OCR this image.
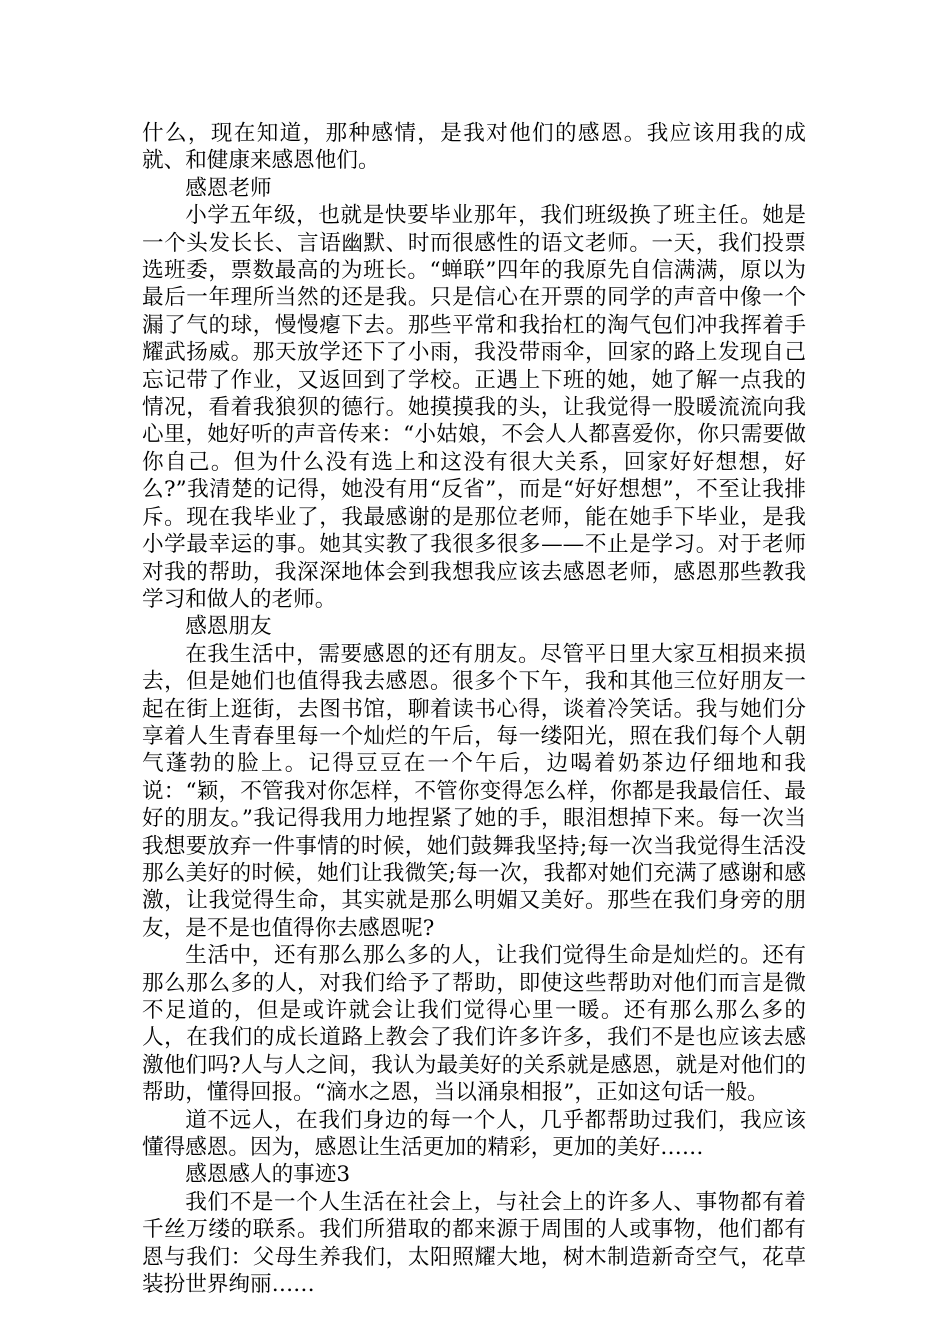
什么，现在知道，那种感情，是我对他们的感恩。我应该用我的成就、和健康来感恩他们。

感恩老师

小学五年级，也就是快要毕业那年，我们班级换了班主任。她是一个头发长长、言语幽默、时而很感性的语文老师。一天，我们投票选班委，票数最高的为班长。“蝉联”四年的我原先自信满满，原以为最后一年理所当然的还是我。只是信心在开票的同学的声音中像一个漏了气的球，慢慢瘪下去。那些平常和我抬杠的淘气包们冲我挥着手耀武扬威。那天放学还下了小雨，我没带雨伞，回家的路上发现自己忘记带了作业，又返回到了学校。正遇上下班的她，她了解一点我的情况，看着我狼狈的德行。她摸摸我的头，让我觉得一股暖流流向我心里，她好听的声音传来：“小姑娘，不会人人都喜爱你，你只需要做你自己。但为什么没有选上和这没有很大关系，回家好好想想，好么?”我清楚的记得，她没有用“反省”，而是“好好想想”，不至让我排斥。现在我毕业了，我最感谢的是那位老师，能在她手下毕业，是我小学最幸运的事。她其实教了我很多很多——不止是学习。对于老师对我的帮助，我深深地体会到我想我应该去感恩老师，感恩那些教我学习和做人的老师。

感恩朋友

在我生活中，需要感恩的还有朋友。尽管平日里大家互相损来损去，但是她们也值得我去感恩。很多个下午，我和其他三位好朋友一起在街上逛街，去图书馆，聊着读书心得，谈着冷笑话。我与她们分享着人生青春里每一个灿烂的午后，每一缕阳光，照在我们每个人朝气蓬勃的脸上。记得豆豆在一个午后，边喝着奶茶边仔细地和我说：“颖，不管我对你怎样，不管你变得怎么样，你都是我最信任、最好的朋友。”我记得我用力地捏紧了她的手，眼泪想掉下来。每一次当我想要放弃一件事情的时候，她们鼓舞我坚持;每一次当我觉得生活没那么美好的时候，她们让我微笑;每一次，我都对她们充满了感谢和感激，让我觉得生命，其实就是那么明媚又美好。那些在我们身旁的朋友，是不是也值得你去感恩呢?

生活中，还有那么那么多的人，让我们觉得生命是灿烂的。还有那么那么多的人，对我们给予了帮助，即使这些帮助对他们而言是微不足道的，但是或许就会让我们觉得心里一暖。还有那么那么多的人，在我们的成长道路上教会了我们许多许多，我们不是也应该去感激他们吗?人与人之间，我认为最美好的关系就是感恩，就是对他们的帮助，懂得回报。“滴水之恩，当以涌泉相报”，正如这句话一般。

道不远人，在我们身边的每一个人，几乎都帮助过我们，我应该懂得感恩。因为，感恩让生活更加的精彩，更加的美好……

感恩感人的事迹3

我们不是一个人生活在社会上，与社会上的许多人、事物都有着千丝万缕的联系。我们所猎取的都来源于周围的人或事物，他们都有恩与我们：父母生养我们，太阳照耀大地，树木制造新奇空气，花草装扮世界绚丽……
